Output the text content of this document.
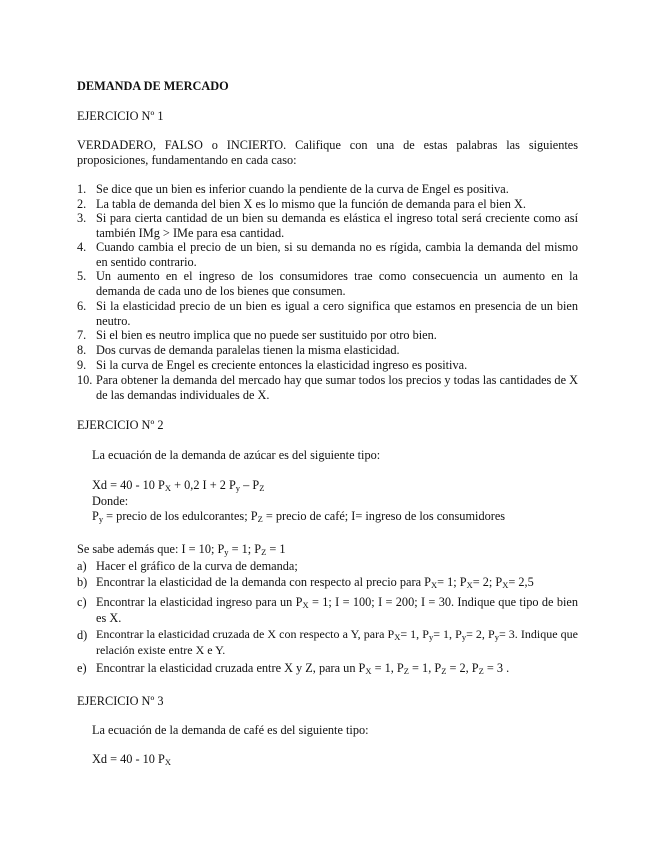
DEMANDA DE MERCADO
EJERCICIO Nº 1
VERDADERO, FALSO o INCIERTO. Califique con una de estas palabras las siguientes proposiciones, fundamentando en cada caso:
1. Se dice que un bien es inferior cuando la pendiente de la curva de Engel es positiva.
2. La tabla de demanda del bien X es lo mismo que la función de demanda para el bien X.
3. Si para cierta cantidad de un bien su demanda es elástica el ingreso total será creciente como así también IMg > IMe para esa cantidad.
4. Cuando cambia el precio de un bien, si su demanda no es rígida, cambia la demanda del mismo en sentido contrario.
5. Un aumento en el ingreso de los consumidores trae como consecuencia un aumento en la demanda de cada uno de los bienes que consumen.
6. Si la elasticidad precio de un bien es igual a cero significa que estamos en presencia de un bien neutro.
7. Si el bien es neutro implica que no puede ser sustituido por otro bien.
8. Dos curvas de demanda paralelas tienen la misma elasticidad.
9. Si la curva de Engel es creciente entonces la elasticidad ingreso es positiva.
10. Para obtener la demanda del mercado hay que sumar todos los precios y todas las cantidades de X de las demandas individuales de X.
EJERCICIO Nº 2
La ecuación de la demanda de azúcar es del siguiente tipo:
Xd = 40 - 10 $P_X + 0,2$ I + 2 $P_y - P_Z$
Donde:
$P_y$ = precio de los edulcorantes; $P_Z$ = precio de café; I= ingreso de los consumidores
Se sabe además que: I = 10; $P_y = 1$; $P_Z = 1$
a) Hacer el gráfico de la curva de demanda;
b) Encontrar la elasticidad de la demanda con respecto al precio para $P_X= 1$; $P_X= 2$; $P_X= 2,5$
c) Encontrar la elasticidad ingreso para un $P_X = 1$; I = 100; I = 200; I = 30. Indique que tipo de bien es X.
d) Encontrar la elasticidad cruzada de X con respecto a Y, para $P_X= 1$, $P_y= 1$, $P_y= 2$, $P_y= 3$. Indique que relación existe entre X e Y.
e) Encontrar la elasticidad cruzada entre X y Z, para un $P_X = 1$, $P_Z = 1$, $P_Z = 2$, $P_Z = 3$ .
EJERCICIO Nº 3
La ecuación de la demanda de café es del siguiente tipo:
Xd = 40 - 10 $P_X$
